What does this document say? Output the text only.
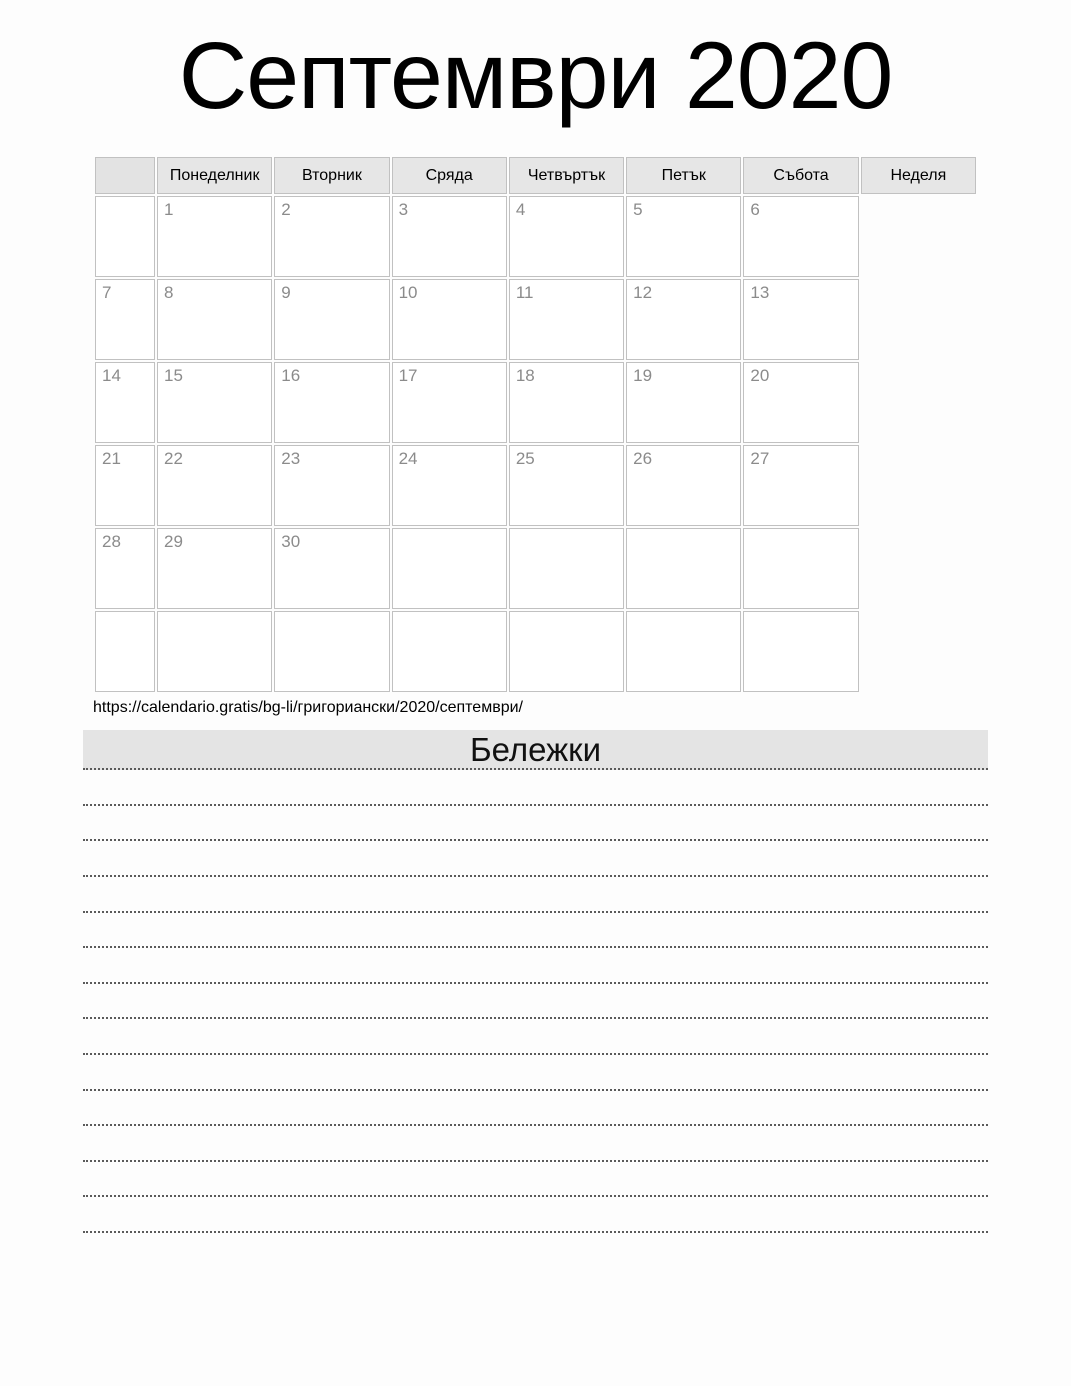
Септември 2020
	Понеделник	Вторник	Сряда	Четвъртък	Петък	Събота	Неделя
	1	2	3	4	5	6	
7	8	9	10	11	12	13	
14	15	16	17	18	19	20	
21	22	23	24	25	26	27	
28	29	30					

https://calendario.gratis/bg-li/григориански/2020/септември/
Бележки
